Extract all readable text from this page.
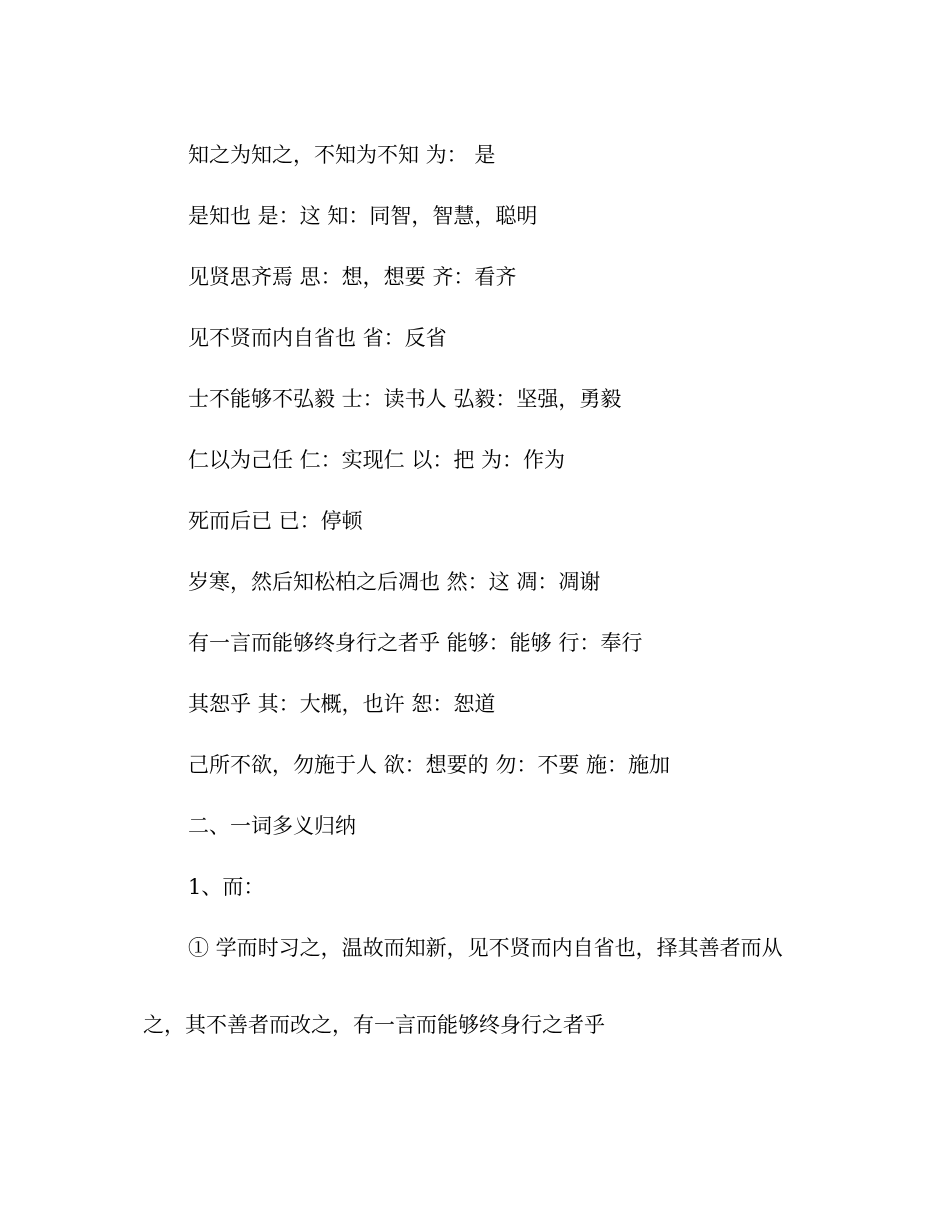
知之为知之，不知为不知 为： 是
是知也 是：这 知：同智，智慧，聪明
见贤思齐焉 思：想，想要 齐：看齐
见不贤而内自省也 省：反省
士不能够不弘毅 士：读书人 弘毅：坚强，勇毅
仁以为己任 仁：实现仁 以：把 为：作为
死而后已 已：停顿
岁寒，然后知松柏之后凋也 然：这 凋：凋谢
有一言而能够终身行之者乎 能够：能够 行：奉行
其恕乎 其：大概，也许 恕：恕道
己所不欲，勿施于人 欲：想要的 勿：不要 施：施加
二、一词多义归纳
1、而：
① 学而时习之，温故而知新，见不贤而内自省也，择其善者而从
之，其不善者而改之，有一言而能够终身行之者乎
